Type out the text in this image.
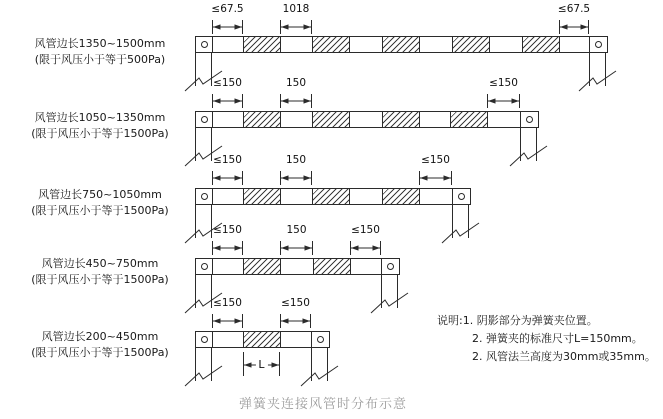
说明:1. 阴影部分为弹簧夹位置。
2. 弹簧夹的标准尺寸L=150mm。
2. 风管法兰高度为30mm或35mm。
弹簧夹连接风管时分布示意
风管边长1350~1500mm
(限于风压小于等于500Pa)
≤67.5	1018	≤67.5
风管边长1050~1350mm
(限于风压小于等于1500Pa)
≤150	150	≤150
风管边长750~1050mm
(限于风压小于等于1500Pa)
≤150	150	≤150
风管边长450~750mm
(限于风压小于等于1500Pa)
≤150	150	≤150
风管边长200~450mm
(限于风压小于等于1500Pa)
≤150	≤150
L
